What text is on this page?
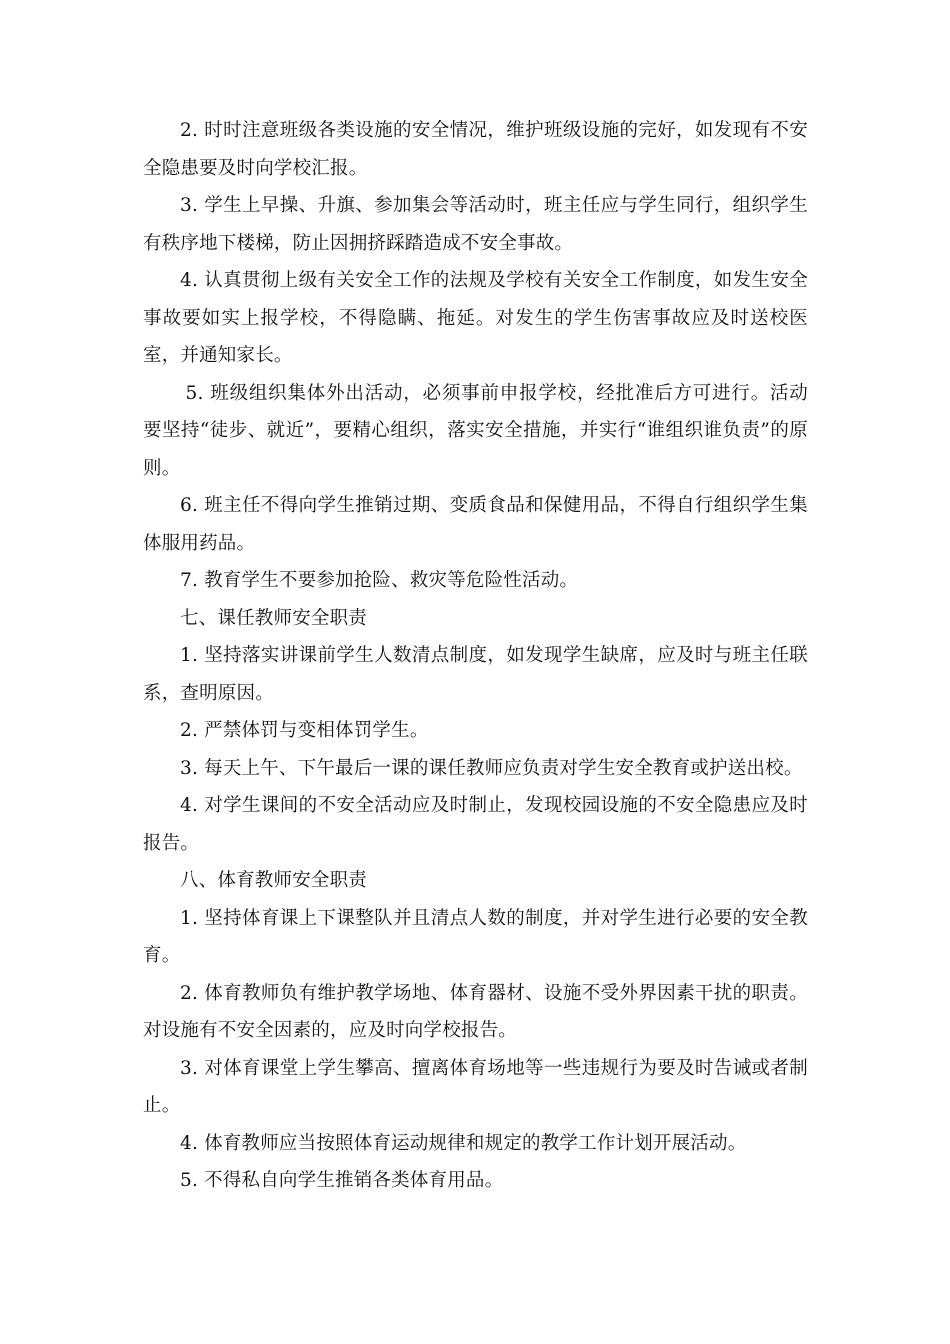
2. 时时注意班级各类设施的安全情况，维护班级设施的完好，如发现有不安全隐患要及时向学校汇报。

3. 学生上早操、升旗、参加集会等活动时，班主任应与学生同行，组织学生有秩序地下楼梯，防止因拥挤踩踏造成不安全事故。

4. 认真贯彻上级有关安全工作的法规及学校有关安全工作制度，如发生安全事故要如实上报学校，不得隐瞒、拖延。对发生的学生伤害事故应及时送校医室，并通知家长。

5. 班级组织集体外出活动，必须事前申报学校，经批准后方可进行。活动要坚持“徒步、就近”，要精心组织，落实安全措施，并实行“谁组织谁负责”的原则。

6. 班主任不得向学生推销过期、变质食品和保健用品，不得自行组织学生集体服用药品。

7. 教育学生不要参加抢险、救灾等危险性活动。

七、课任教师安全职责

1. 坚持落实讲课前学生人数清点制度，如发现学生缺席，应及时与班主任联系，查明原因。

2. 严禁体罚与变相体罚学生。

3. 每天上午、下午最后一课的课任教师应负责对学生安全教育或护送出校。

4. 对学生课间的不安全活动应及时制止，发现校园设施的不安全隐患应及时报告。

八、体育教师安全职责

1. 坚持体育课上下课整队并且清点人数的制度，并对学生进行必要的安全教育。

2. 体育教师负有维护教学场地、体育器材、设施不受外界因素干扰的职责。对设施有不安全因素的，应及时向学校报告。

3. 对体育课堂上学生攀高、擅离体育场地等一些违规行为要及时告诫或者制止。

4. 体育教师应当按照体育运动规律和规定的教学工作计划开展活动。

5. 不得私自向学生推销各类体育用品。
